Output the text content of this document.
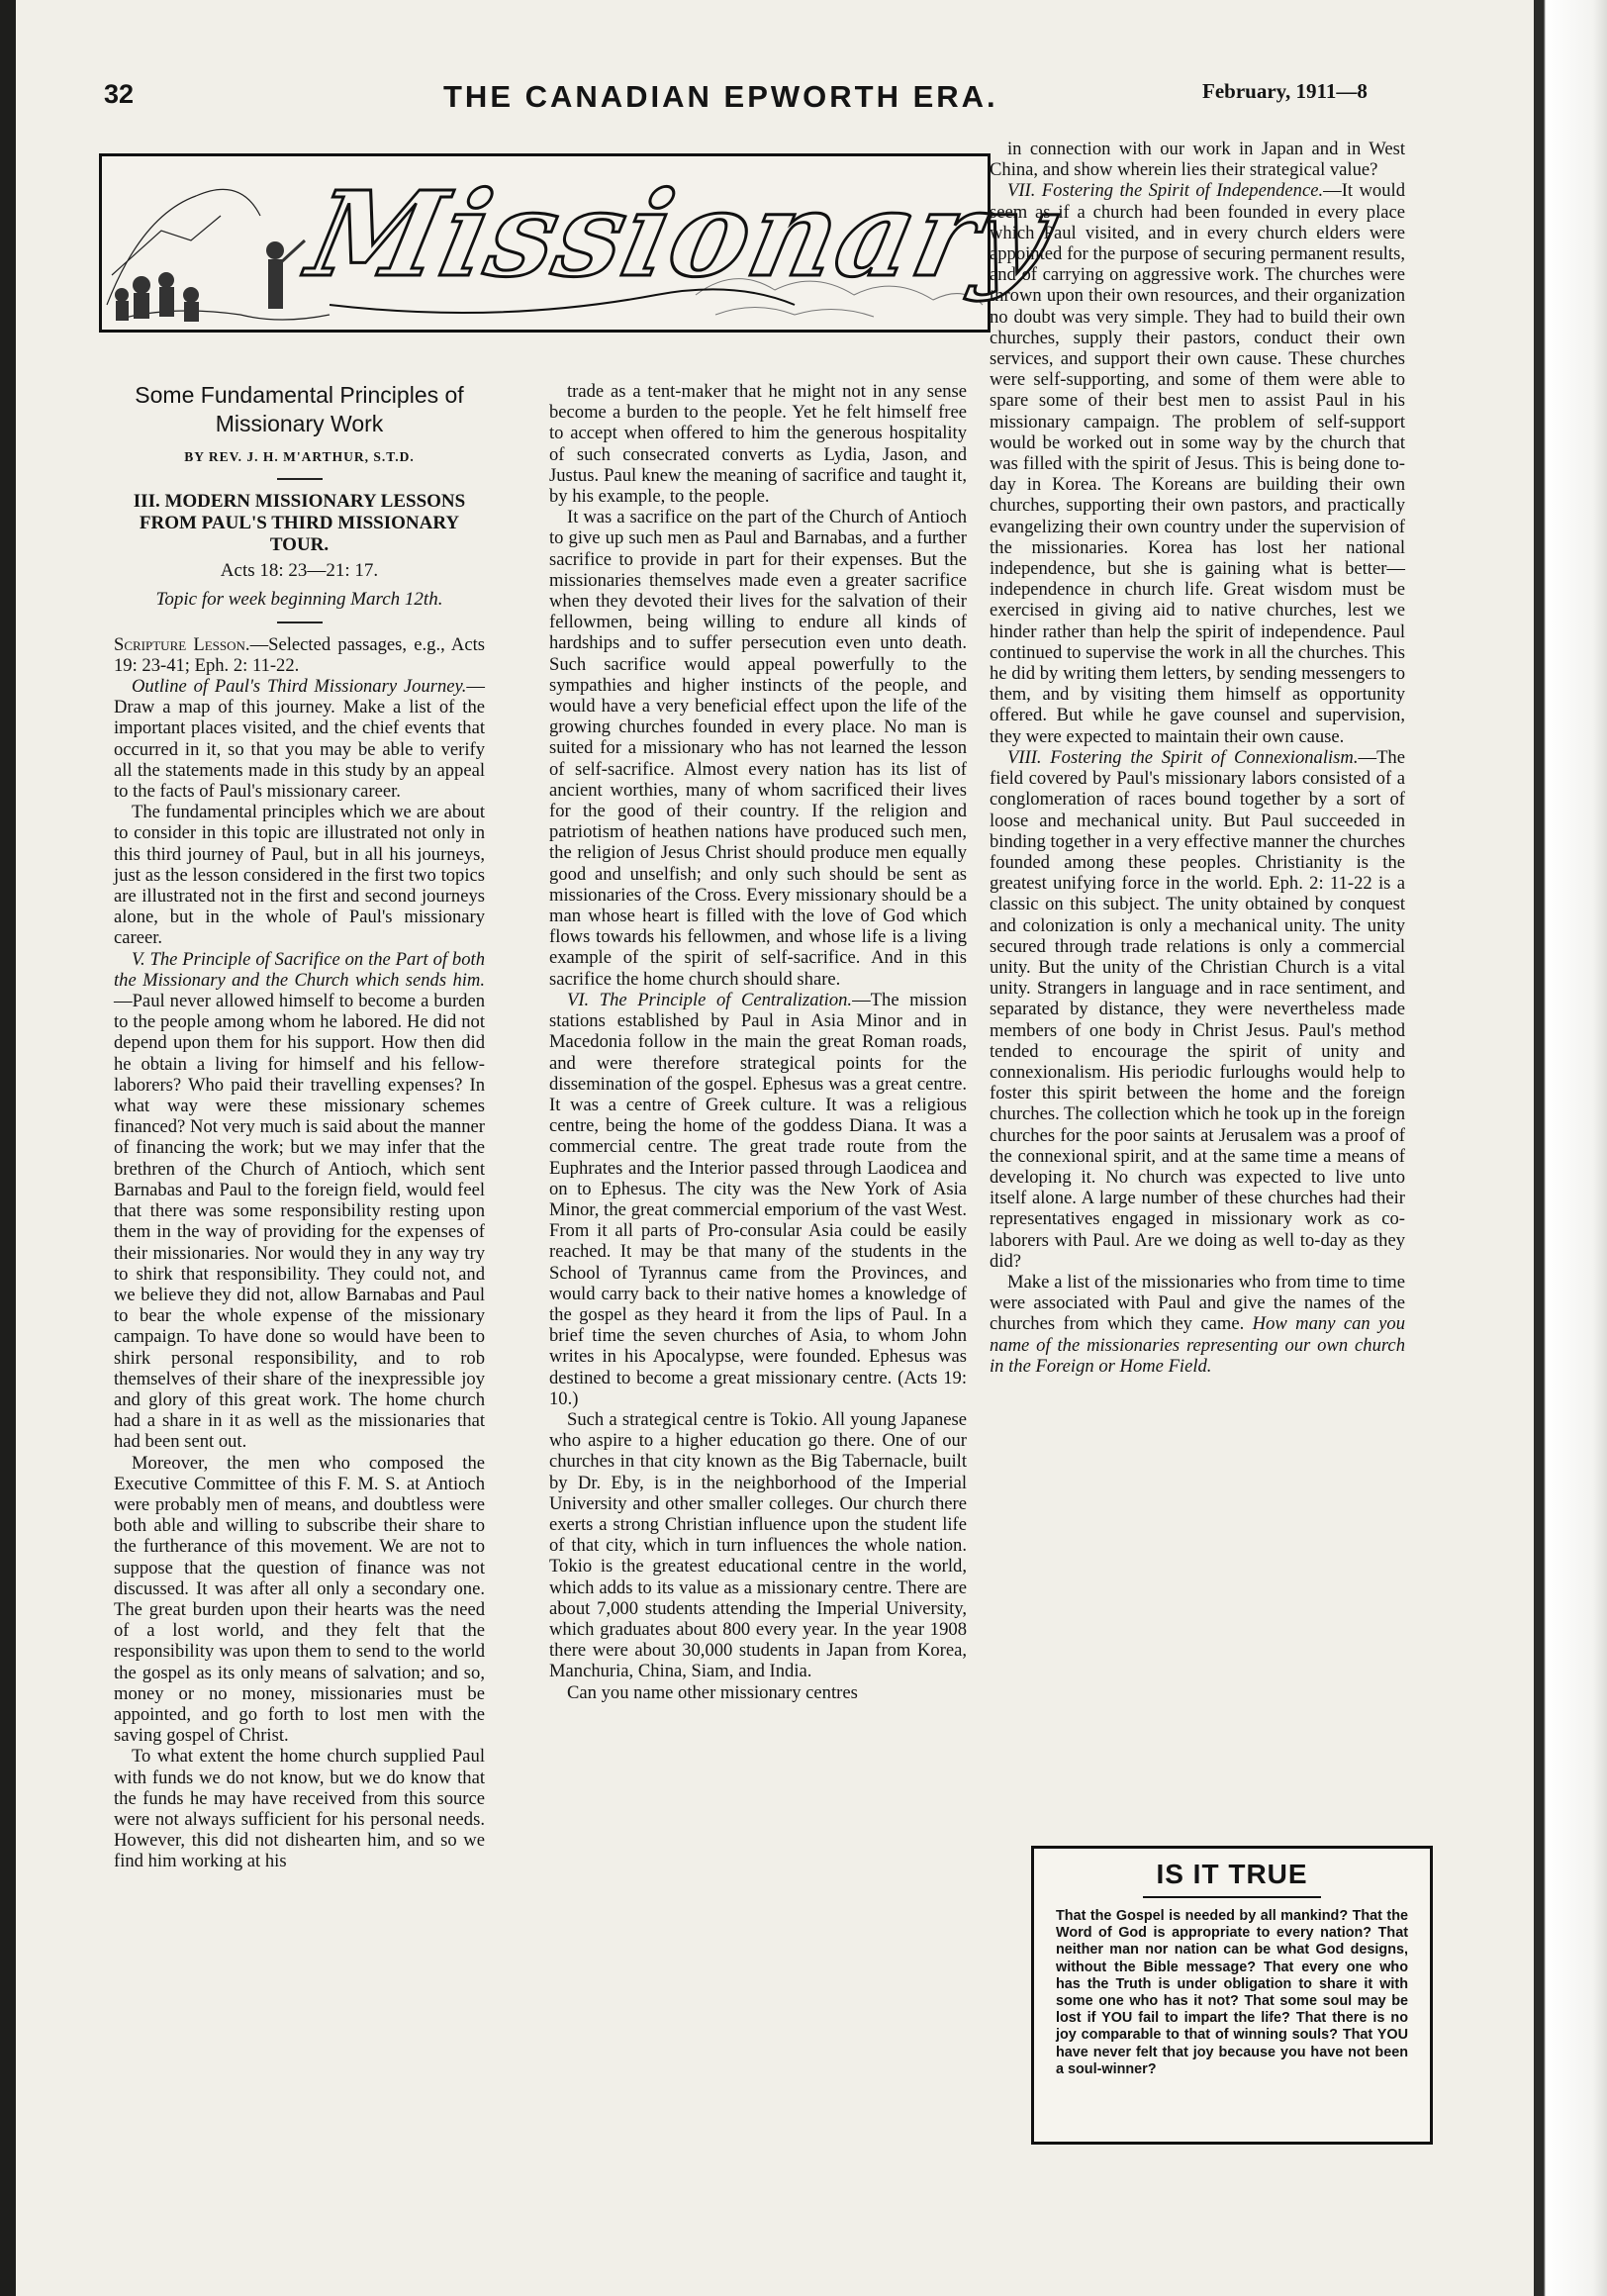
32	THE CANADIAN EPWORTH ERA.	February, 1911—8
Missionary
Some Fundamental Principles of Missionary Work
BY REV. J. H. M'ARTHUR, S.T.D.
III. MODERN MISSIONARY LESSONS FROM PAUL'S THIRD MISSIONARY TOUR.
Acts 18: 23—21: 17.
Topic for week beginning March 12th.

Scripture Lesson.—Selected passages, e.g., Acts 19: 23-41; Eph. 2: 11-22.

Outline of Paul's Third Missionary Journey.—Draw a map of this journey. Make a list of the important places visited, and the chief events that occurred in it, so that you may be able to verify all the statements made in this study by an appeal to the facts of Paul's missionary career.

The fundamental principles which we are about to consider in this topic are illustrated not only in this third journey of Paul, but in all his journeys, just as the lesson considered in the first two topics are illustrated not in the first and second journeys alone, but in the whole of Paul's missionary career.

V. The Principle of Sacrifice on the Part of both the Missionary and the Church which sends him.—Paul never allowed himself to become a burden to the people among whom he labored. He did not depend upon them for his support. How then did he obtain a living for himself and his fellow-laborers? Who paid their travelling expenses? In what way were these missionary schemes financed? Not very much is said about the manner of financing the work; but we may infer that the brethren of the Church of Antioch, which sent Barnabas and Paul to the foreign field, would feel that there was some responsibility resting upon them in the way of providing for the expenses of their missionaries. Nor would they in any way try to shirk that responsibility. They could not, and we believe they did not, allow Barnabas and Paul to bear the whole expense of the missionary campaign. To have done so would have been to shirk personal responsibility, and to rob themselves of their share of the inexpressible joy and glory of this great work. The home church had a share in it as well as the missionaries that had been sent out.

Moreover, the men who composed the Executive Committee of this F. M. S. at Antioch were probably men of means, and doubtless were both able and willing to subscribe their share to the furtherance of this movement. We are not to suppose that the question of finance was not discussed. It was after all only a secondary one. The great burden upon their hearts was the need of a lost world, and they felt that the responsibility was upon them to send to the world the gospel as its only means of salvation; and so, money or no money, missionaries must be appointed, and go forth to lost men with the saving gospel of Christ.

To what extent the home church supplied Paul with funds we do not know, but we do know that the funds he may have received from this source were not always sufficient for his personal needs. However, this did not dishearten him, and so we find him working at his

trade as a tent-maker that he might not in any sense become a burden to the people. Yet he felt himself free to accept when offered to him the generous hospitality of such consecrated converts as Lydia, Jason, and Justus. Paul knew the meaning of sacrifice and taught it, by his example, to the people.

It was a sacrifice on the part of the Church of Antioch to give up such men as Paul and Barnabas, and a further sacrifice to provide in part for their expenses. But the missionaries themselves made even a greater sacrifice when they devoted their lives for the salvation of their fellowmen, being willing to endure all kinds of hardships and to suffer persecution even unto death. Such sacrifice would appeal powerfully to the sympathies and higher instincts of the people, and would have a very beneficial effect upon the life of the growing churches founded in every place. No man is suited for a missionary who has not learned the lesson of self-sacrifice. Almost every nation has its list of ancient worthies, many of whom sacrificed their lives for the good of their country. If the religion and patriotism of heathen nations have produced such men, the religion of Jesus Christ should produce men equally good and unselfish; and only such should be sent as missionaries of the Cross. Every missionary should be a man whose heart is filled with the love of God which flows towards his fellowmen, and whose life is a living example of the spirit of self-sacrifice. And in this sacrifice the home church should share.

VI. The Principle of Centralization.—The mission stations established by Paul in Asia Minor and in Macedonia follow in the main the great Roman roads, and were therefore strategical points for the dissemination of the gospel. Ephesus was a great centre. It was a centre of Greek culture. It was a religious centre, being the home of the goddess Diana. It was a commercial centre. The great trade route from the Euphrates and the Interior passed through Laodicea and on to Ephesus. The city was the New York of Asia Minor, the great commercial emporium of the vast West. From it all parts of Pro-consular Asia could be easily reached. It may be that many of the students in the School of Tyrannus came from the Provinces, and would carry back to their native homes a knowledge of the gospel as they heard it from the lips of Paul. In a brief time the seven churches of Asia, to whom John writes in his Apocalypse, were founded. Ephesus was destined to become a great missionary centre. (Acts 19: 10.)

Such a strategical centre is Tokio. All young Japanese who aspire to a higher education go there. One of our churches in that city known as the Big Tabernacle, built by Dr. Eby, is in the neighborhood of the Imperial University and other smaller colleges. Our church there exerts a strong Christian influence upon the student life of that city, which in turn influences the whole nation. Tokio is the greatest educational centre in the world, which adds to its value as a missionary centre. There are about 7,000 students attending the Imperial University, which graduates about 800 every year. In the year 1908 there were about 30,000 students in Japan from Korea, Manchuria, China, Siam, and India.

Can you name other missionary centres

in connection with our work in Japan and in West China, and show wherein lies their strategical value?

VII. Fostering the Spirit of Independence.—It would seem as if a church had been founded in every place which Paul visited, and in every church elders were appointed for the purpose of securing permanent results, and of carrying on aggressive work. The churches were thrown upon their own resources, and their organization no doubt was very simple. They had to build their own churches, supply their pastors, conduct their own services, and support their own cause. These churches were self-supporting, and some of them were able to spare some of their best men to assist Paul in his missionary campaign. The problem of self-support would be worked out in some way by the church that was filled with the spirit of Jesus. This is being done to-day in Korea. The Koreans are building their own churches, supporting their own pastors, and practically evangelizing their own country under the supervision of the missionaries. Korea has lost her national independence, but she is gaining what is better—independence in church life. Great wisdom must be exercised in giving aid to native churches, lest we hinder rather than help the spirit of independence. Paul continued to supervise the work in all the churches. This he did by writing them letters, by sending messengers to them, and by visiting them himself as opportunity offered. But while he gave counsel and supervision, they were expected to maintain their own cause.

VIII. Fostering the Spirit of Connexionalism.—The field covered by Paul's missionary labors consisted of a conglomeration of races bound together by a sort of loose and mechanical unity. But Paul succeeded in binding together in a very effective manner the churches founded among these peoples. Christianity is the greatest unifying force in the world. Eph. 2: 11-22 is a classic on this subject. The unity obtained by conquest and colonization is only a mechanical unity. The unity secured through trade relations is only a commercial unity. But the unity of the Christian Church is a vital unity. Strangers in language and in race sentiment, and separated by distance, they were nevertheless made members of one body in Christ Jesus. Paul's method tended to encourage the spirit of unity and connexionalism. His periodic furloughs would help to foster this spirit between the home and the foreign churches. The collection which he took up in the foreign churches for the poor saints at Jerusalem was a proof of the connexional spirit, and at the same time a means of developing it. No church was expected to live unto itself alone. A large number of these churches had their representatives engaged in missionary work as co-laborers with Paul. Are we doing as well to-day as they did?

Make a list of the missionaries who from time to time were associated with Paul and give the names of the churches from which they came. How many can you name of the missionaries representing our own church in the Foreign or Home Field.

IS IT TRUE
That the Gospel is needed by all mankind? That the Word of God is appropriate to every nation? That neither man nor nation can be what God designs, without the Bible message? That every one who has the Truth is under obligation to share it with some one who has it not? That some soul may be lost if YOU fail to impart the life? That there is no joy comparable to that of winning souls? That YOU have never felt that joy because you have not been a soul-winner?
